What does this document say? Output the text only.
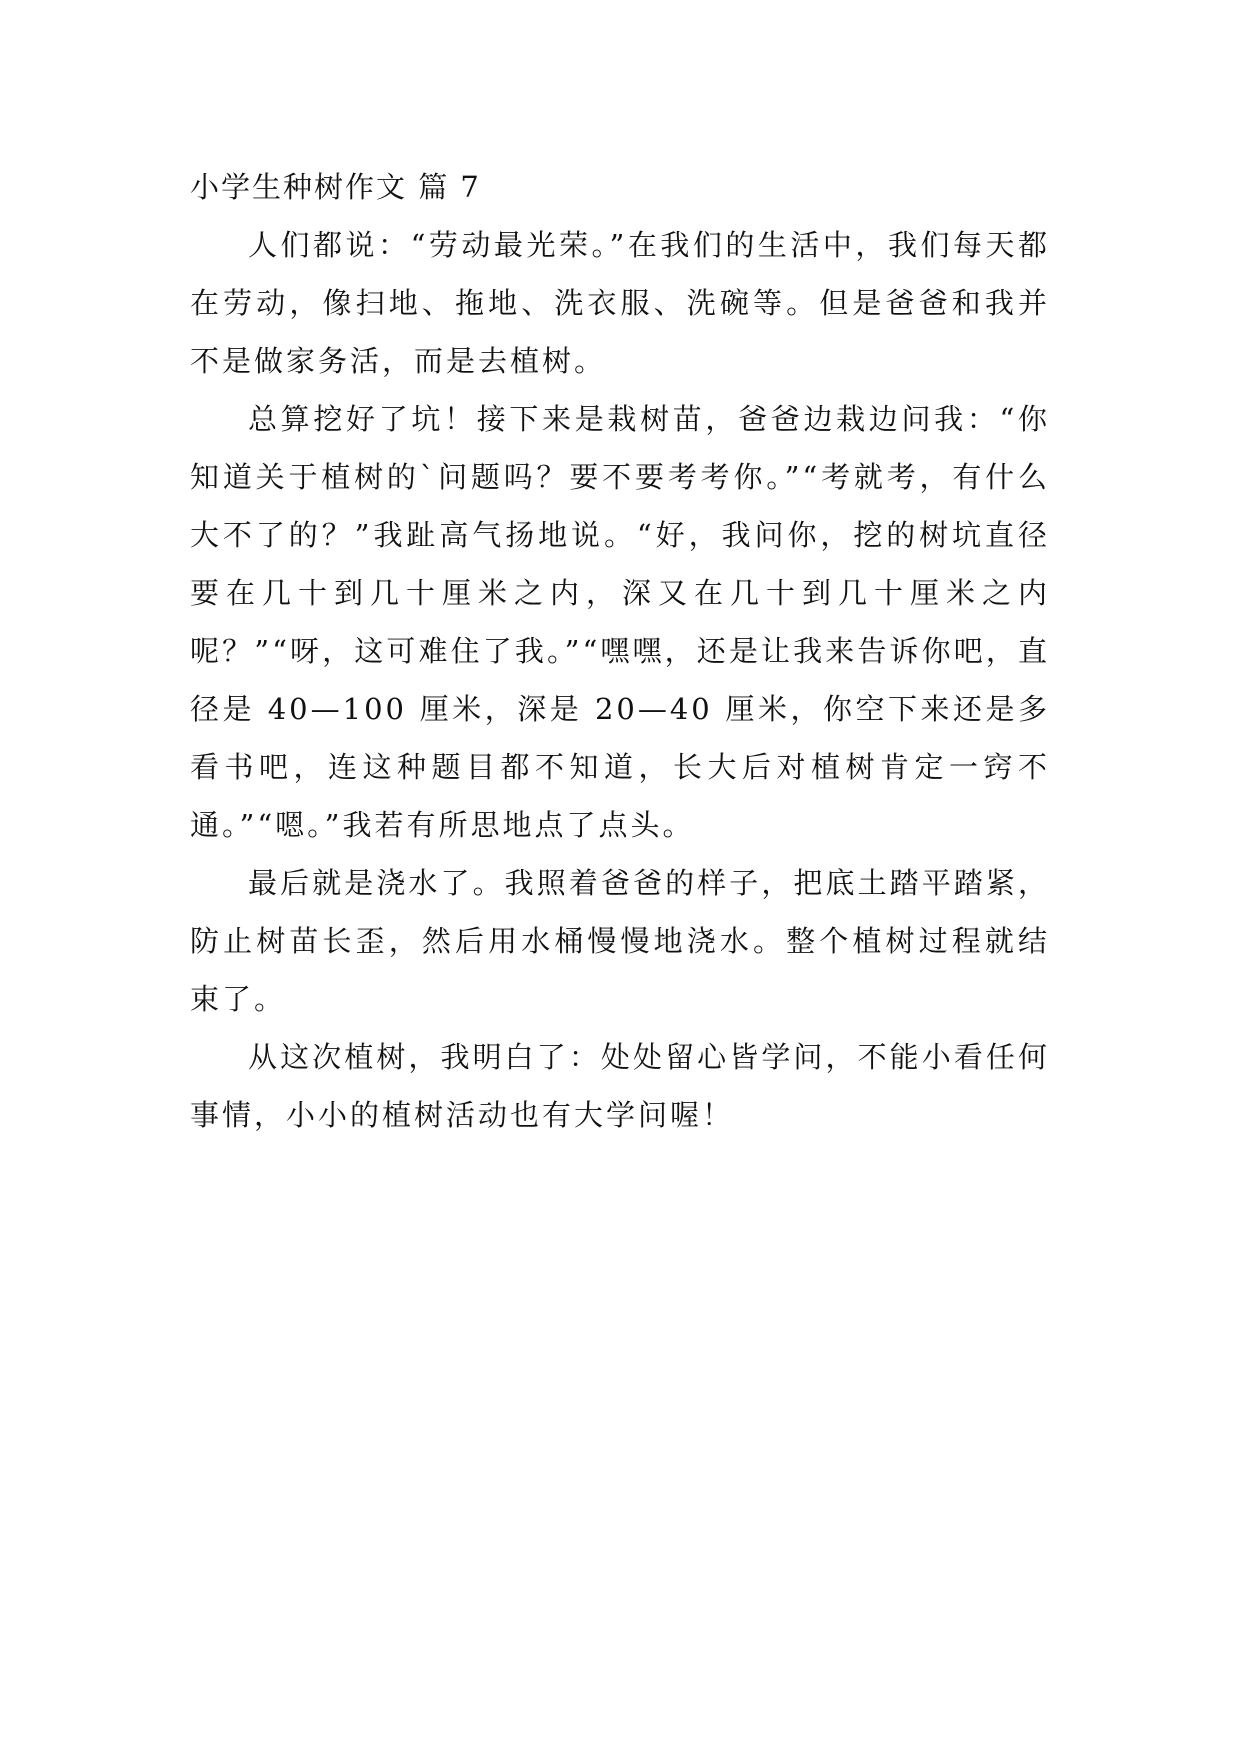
小学生种树作文 篇 7

人们都说：“劳动最光荣。”在我们的生活中，我们每天都在劳动，像扫地、拖地、洗衣服、洗碗等。但是爸爸和我并不是做家务活，而是去植树。

总算挖好了坑！接下来是栽树苗，爸爸边栽边问我：“你知道关于植树的`问题吗？要不要考考你。”“考就考，有什么大不了的？”我趾高气扬地说。“好，我问你，挖的树坑直径要在几十到几十厘米之内，深又在几十到几十厘米之内呢？”“呀，这可难住了我。”“嘿嘿，还是让我来告诉你吧，直径是 40—100 厘米，深是 20—40 厘米，你空下来还是多看书吧，连这种题目都不知道，长大后对植树肯定一窍不通。”“嗯。”我若有所思地点了点头。

最后就是浇水了。我照着爸爸的样子，把底土踏平踏紧，防止树苗长歪，然后用水桶慢慢地浇水。整个植树过程就结束了。

从这次植树，我明白了：处处留心皆学问，不能小看任何事情，小小的植树活动也有大学问喔！
